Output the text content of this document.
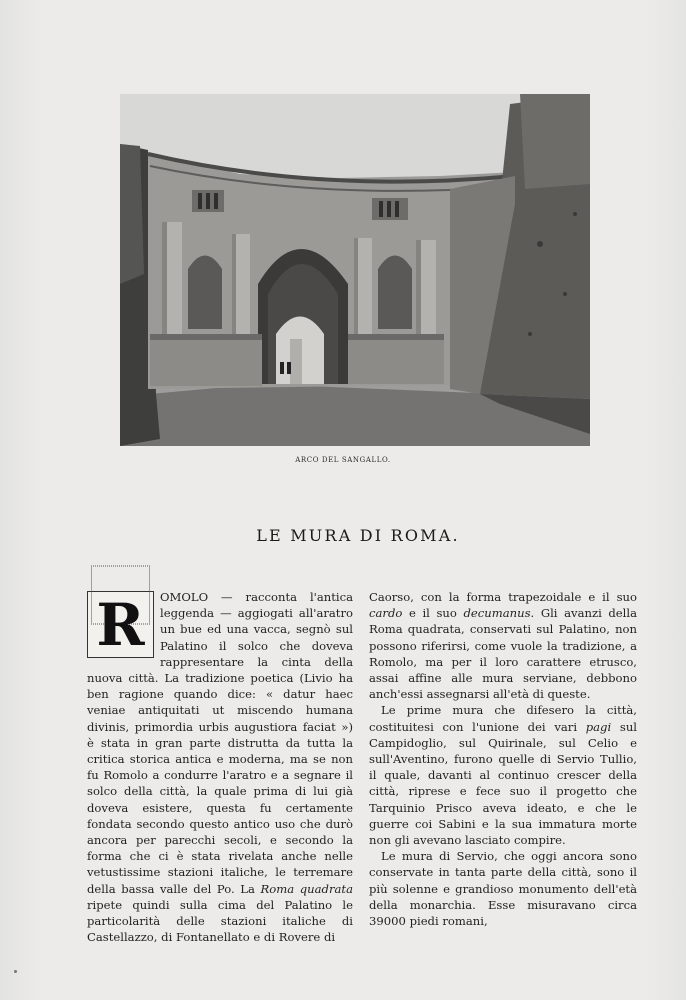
ARCO DEL SANGALLO.
LE MURA DI ROMA.

R	OMOLO — racconta l'antica leggenda — aggiogati all'aratro un bue ed una vacca, segnò sul Palatino il solco che doveva rappresentare la cinta della nuova città. La tradizione poetica (Livio ha ben ragione quando dice: « datur haec veniae antiquitati ut miscendo humana divinis, primordia urbis augustiora faciat ») è stata in gran parte distrutta da tutta la critica storica antica e moderna, ma se non fu Romolo a condurre l'aratro e a segnare il solco della città, la quale prima di lui già doveva esistere, questa fu certamente fondata secondo questo antico uso che durò ancora per parecchi secoli, e secondo la forma che ci è stata rivelata anche nelle vetustissime stazioni italiche, le terremare della bassa valle del Po. La Roma quadrata ripete quindi sulla cima del Palatino le particolarità delle stazioni italiche di Castellazzo, di Fontanellato e di Rovere di

Caorso, con la forma trapezoidale e il suo cardo e il suo decumanus. Gli avanzi della Roma quadrata, conservati sul Palatino, non possono riferirsi, come vuole la tradizione, a Romolo, ma per il loro carattere etrusco, assai affine alle mura serviane, debbono anch'essi assegnarsi all'età di queste.

Le prime mura che difesero la città, costituitesi con l'unione dei vari pagi sul Campidoglio, sul Quirinale, sul Celio e sull'Aventino, furono quelle di Servio Tullio, il quale, davanti al continuo crescer della città, riprese e fece suo il progetto che Tarquinio Prisco aveva ideato, e che le guerre coi Sabini e la sua immatura morte non gli avevano lasciato compire.

Le mura di Servio, che oggi ancora sono conservate in tanta parte della città, sono il più solenne e grandioso monumento dell'età della monarchia. Esse misuravano circa 39000 piedi romani,
